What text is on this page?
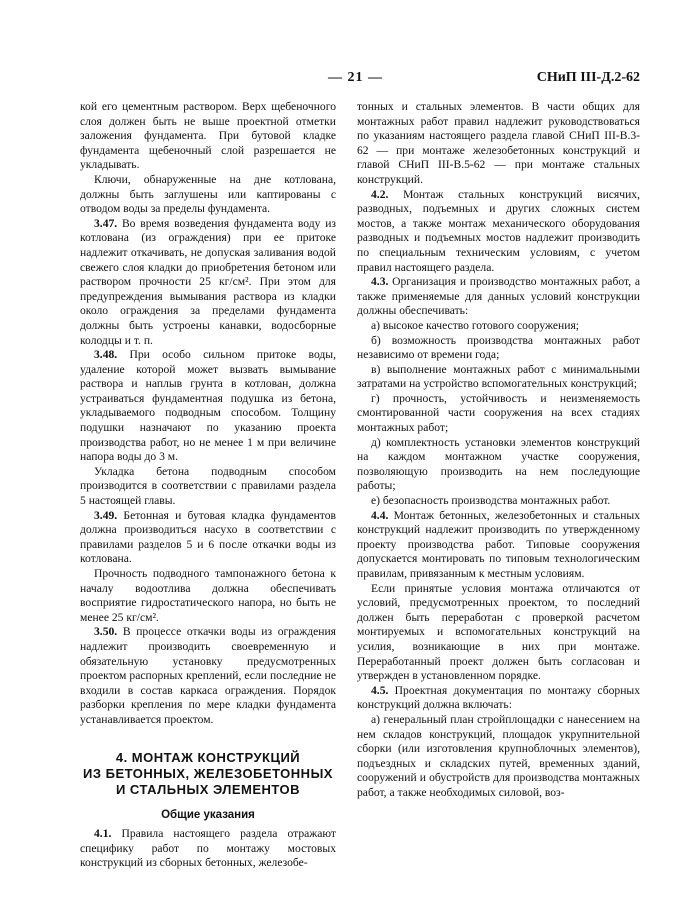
— 21 —	СНиП III-Д.2-62

кой его цементным раствором. Верх щебеночного слоя должен быть не выше проектной отметки заложения фундамента. При бутовой кладке фундамента щебеночный слой разрешается не укладывать.

Ключи, обнаруженные на дне котлована, должны быть заглушены или каптированы с отводом воды за пределы фундамента.

3.47. Во время возведения фундамента воду из котлована (из ограждения) при ее притоке надлежит откачивать, не допуская заливания водой свежего слоя кладки до приобретения бетоном или раствором прочности 25 кг/см². При этом для предупреждения вымывания раствора из кладки около ограждения за пределами фундамента должны быть устроены канавки, водосборные колодцы и т. п.

3.48. При особо сильном притоке воды, удаление которой может вызвать вымывание раствора и наплыв грунта в котлован, должна устраиваться фундаментная подушка из бетона, укладываемого подводным способом. Толщину подушки назначают по указанию проекта производства работ, но не менее 1 м при величине напора воды до 3 м.

Укладка бетона подводным способом производится в соответствии с правилами раздела 5 настоящей главы.

3.49. Бетонная и бутовая кладка фундаментов должна производиться насухо в соответствии с правилами разделов 5 и 6 после откачки воды из котлована.

Прочность подводного тампонажного бетона к началу водоотлива должна обеспечивать восприятие гидростатического напора, но быть не менее 25 кг/см².

3.50. В процессе откачки воды из ограждения надлежит производить своевременную и обязательную установку предусмотренных проектом распорных креплений, если последние не входили в состав каркаса ограждения. Порядок разборки крепления по мере кладки фундамента устанавливается проектом.

4. МОНТАЖ КОНСТРУКЦИЙ
ИЗ БЕТОННЫХ, ЖЕЛЕЗОБЕТОННЫХ
И СТАЛЬНЫХ ЭЛЕМЕНТОВ
Общие указания

4.1. Правила настоящего раздела отражают специфику работ по монтажу мостовых конструкций из сборных бетонных, железобе-

тонных и стальных элементов. В части общих для монтажных работ правил надлежит руководствоваться по указаниям настоящего раздела главой СНиП III-В.3-62 — при монтаже железобетонных конструкций и главой СНиП III-В.5-62 — при монтаже стальных конструкций.

4.2. Монтаж стальных конструкций висячих, разводных, подъемных и других сложных систем мостов, а также монтаж механического оборудования разводных и подъемных мостов надлежит производить по специальным техническим условиям, с учетом правил настоящего раздела.

4.3. Организация и производство монтажных работ, а также применяемые для данных условий конструкции должны обеспечивать:

а) высокое качество готового сооружения;

б) возможность производства монтажных работ независимо от времени года;

в) выполнение монтажных работ с минимальными затратами на устройство вспомогательных конструкций;

г) прочность, устойчивость и неизменяемость смонтированной части сооружения на всех стадиях монтажных работ;

д) комплектность установки элементов конструкций на каждом монтажном участке сооружения, позволяющую производить на нем последующие работы;

е) безопасность производства монтажных работ.

4.4. Монтаж бетонных, железобетонных и стальных конструкций надлежит производить по утвержденному проекту производства работ. Типовые сооружения допускается монтировать по типовым технологическим правилам, привязанным к местным условиям.

Если принятые условия монтажа отличаются от условий, предусмотренных проектом, то последний должен быть переработан с проверкой расчетом монтируемых и вспомогательных конструкций на усилия, возникающие в них при монтаже. Переработанный проект должен быть согласован и утвержден в установленном порядке.

4.5. Проектная документация по монтажу сборных конструкций должна включать:

а) генеральный план стройплощадки с нанесением на нем складов конструкций, площадок укрупнительной сборки (или изготовления крупноблочных элементов), подъездных и складских путей, временных зданий, сооружений и обустройств для производства монтажных работ, а также необходимых силовой, воз-
